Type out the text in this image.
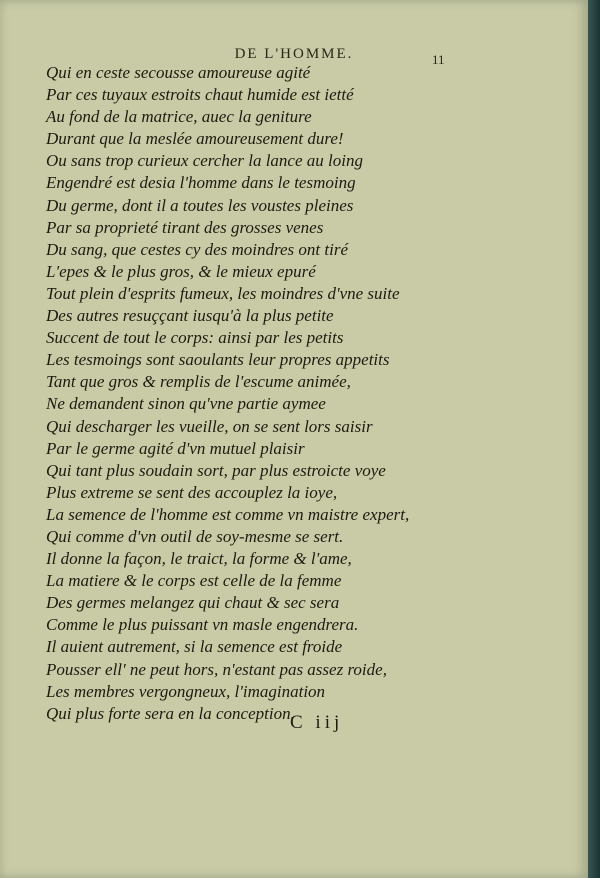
DE L'HOMME.	11
Qui en ceste secousse amoureuse agité
Par ces tuyaux estroits chaut humide est ietté
Au fond de la matrice, auec la geniture
Durant que la meslée amoureusement dure!
Ou sans trop curieux cercher la lance au loing
Engendré est desia l'homme dans le tesmoing
Du germe, dont il a toutes les voustes pleines
Par sa proprieté tirant des grosses venes
Du sang, que cestes cy des moindres ont tiré
L'epes & le plus gros, & le mieux epuré
Tout plein d'esprits fumeux, les moindres d'vne suite
Des autres resuççant iusqu'à la plus petite
Succent de tout le corps: ainsi par les petits
Les tesmoings sont saoulants leur propres appetits
Tant que gros & remplis de l'escume animée,
Ne demandent sinon qu'vne partie aymee
Qui descharger les vueille, on se sent lors saisir
Par le germe agité d'vn mutuel plaisir
Qui tant plus soudain sort, par plus estroicte voye
Plus extreme se sent des accouplez la ioye,
La semence de l'homme est comme vn maistre expert,
Qui comme d'vn outil de soy-mesme se sert.
Il donne la façon, le traict, la forme & l'ame,
La matiere & le corps est celle de la femme
Des germes melangez qui chaut & sec sera
Comme le plus puissant vn masle engendrera.
Il auient autrement, si la semence est froide
Pousser ell' ne peut hors, n'estant pas assez roide,
Les membres vergongneux, l'imagination
Qui plus forte sera en la conception.
C iij
